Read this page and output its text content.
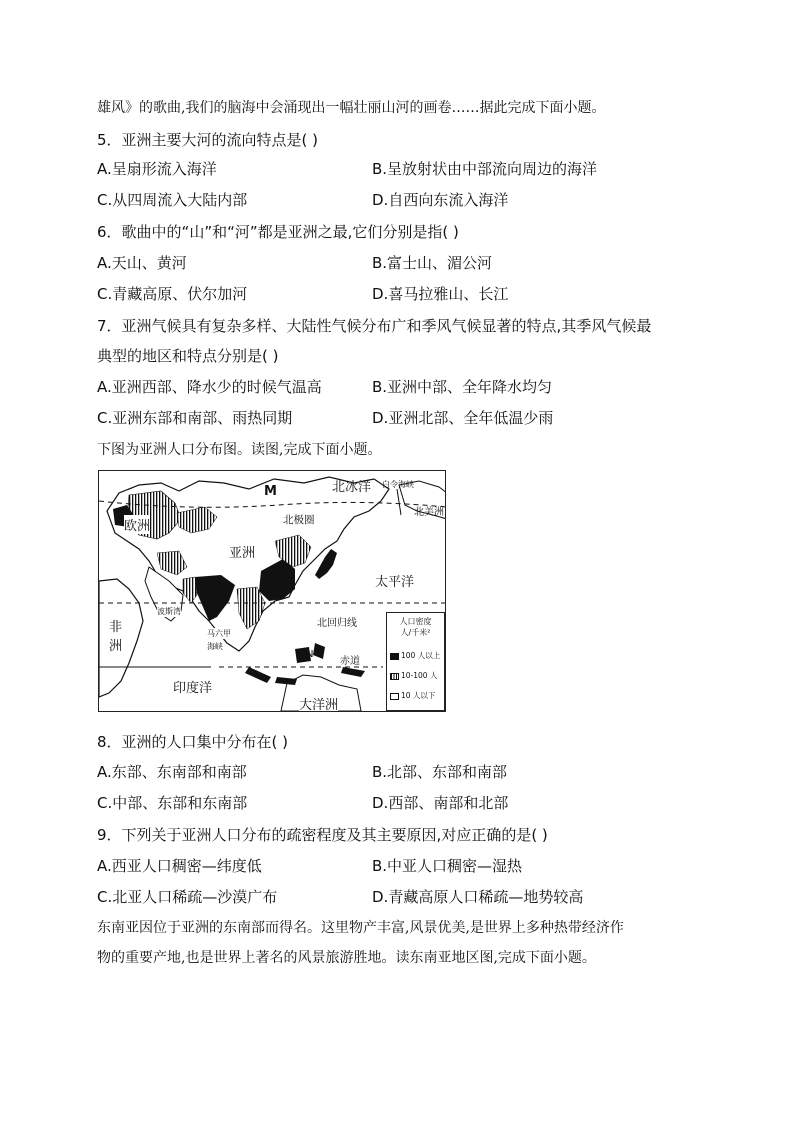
雄风》的歌曲,我们的脑海中会涌现出一幅壮丽山河的画卷……据此完成下面小题。
5．亚洲主要大河的流向特点是( )
A.呈扇形流入海洋	B.呈放射状由中部流向周边的海洋
C.从四周流入大陆内部	D.自西向东流入海洋
6．歌曲中的“山”和“河”都是亚洲之最,它们分别是指( )
A.天山、黄河	B.富士山、湄公河
C.青藏高原、伏尔加河	D.喜马拉雅山、长江
7．亚洲气候具有复杂多样、大陆性气候分布广和季风气候显著的特点,其季风气候最
典型的地区和特点分别是( )
A.亚洲西部、降水少的时候气温高	B.亚洲中部、全年降水均匀
C.亚洲东部和南部、雨热同期	D.亚洲北部、全年低温少雨
下图为亚洲人口分布图。读图,完成下面小题。
北冰洋 白令海峡
北美洲
欧洲	北极圈
亚洲
太平洋
波斯湾
非
洲
马六甲
海峡
北回归线
赤道
印度洋
大洋洲
M
N
人口密度
人/千米²
100 人以上
10-100 人
10 人以下
8．亚洲的人口集中分布在( )
A.东部、东南部和南部	B.北部、东部和南部
C.中部、东部和东南部	D.西部、南部和北部
9．下列关于亚洲人口分布的疏密程度及其主要原因,对应正确的是( )
A.西亚人口稠密—纬度低	B.中亚人口稠密—湿热
C.北亚人口稀疏—沙漠广布	D.青藏高原人口稀疏—地势较高
东南亚因位于亚洲的东南部而得名。这里物产丰富,风景优美,是世界上多种热带经济作
物的重要产地,也是世界上著名的风景旅游胜地。读东南亚地区图,完成下面小题。
